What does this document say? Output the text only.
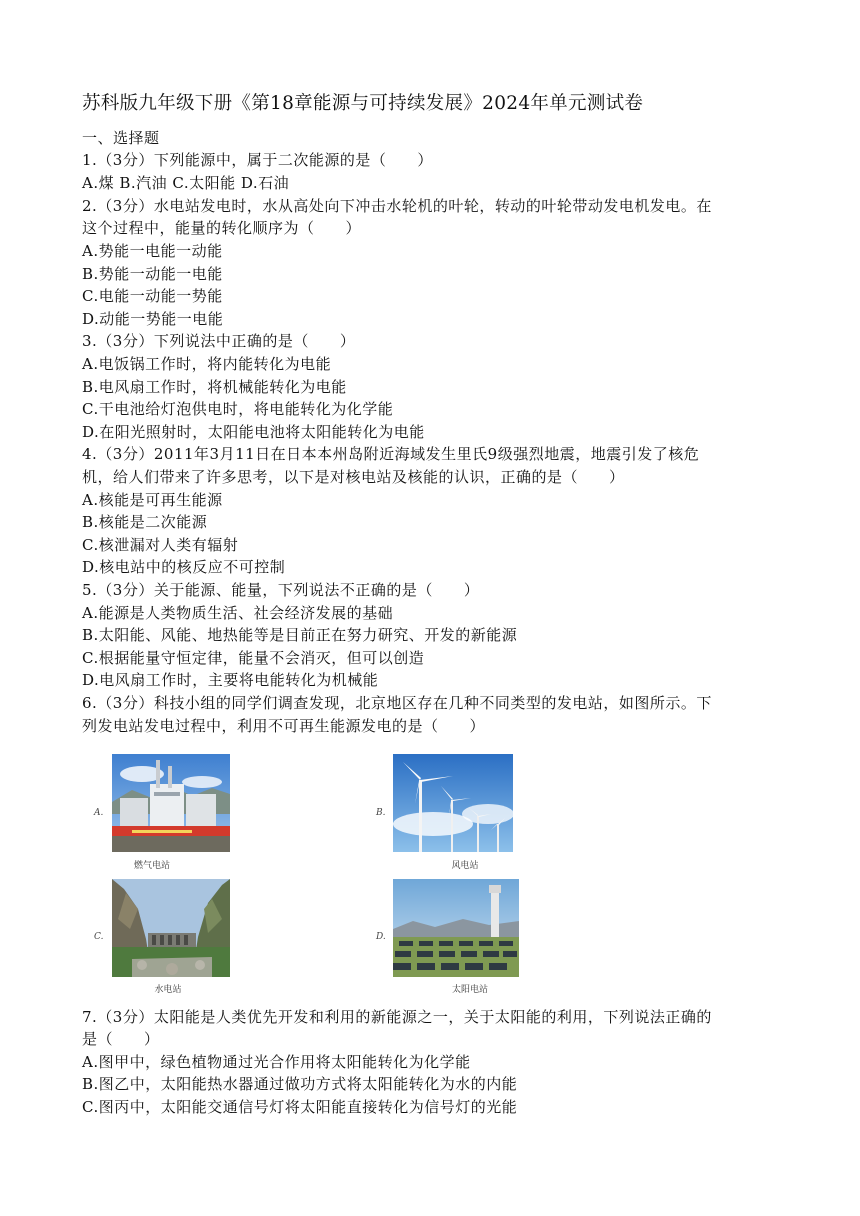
苏科版九年级下册《第18章能源与可持续发展》2024年单元测试卷
一、选择题
1.（3分）下列能源中，属于二次能源的是（　　）
A.煤 B.汽油 C.太阳能 D.石油
2.（3分）水电站发电时，水从高处向下冲击水轮机的叶轮，转动的叶轮带动发电机发电。在
这个过程中，能量的转化顺序为（　　）
A.势能一电能一动能
B.势能一动能一电能
C.电能一动能一势能
D.动能一势能一电能
3.（3分）下列说法中正确的是（　　）
A.电饭锅工作时，将内能转化为电能
B.电风扇工作时，将机械能转化为电能
C.干电池给灯泡供电时，将电能转化为化学能
D.在阳光照射时，太阳能电池将太阳能转化为电能
4.（3分）2011年3月11日在日本本州岛附近海域发生里氏9级强烈地震，地震引发了核危
机，给人们带来了许多思考，以下是对核电站及核能的认识，正确的是（　　）
A.核能是可再生能源
B.核能是二次能源
C.核泄漏对人类有辐射
D.核电站中的核反应不可控制
5.（3分）关于能源、能量，下列说法不正确的是（　　）
A.能源是人类物质生活、社会经济发展的基础
B.太阳能、风能、地热能等是目前正在努力研究、开发的新能源
C.根据能量守恒定律，能量不会消灭，但可以创造
D.电风扇工作时，主要将电能转化为机械能
6.（3分）科技小组的同学们调查发现，北京地区存在几种不同类型的发电站，如图所示。下
列发电站发电过程中，利用不可再生能源发电的是（　　）
A.
燃气电站
B.
风电站
C.
水电站
D.
太阳电站
7.（3分）太阳能是人类优先开发和利用的新能源之一，关于太阳能的利用，下列说法正确的
是（　　）
A.图甲中，绿色植物通过光合作用将太阳能转化为化学能
B.图乙中，太阳能热水器通过做功方式将太阳能转化为水的内能
C.图丙中，太阳能交通信号灯将太阳能直接转化为信号灯的光能
